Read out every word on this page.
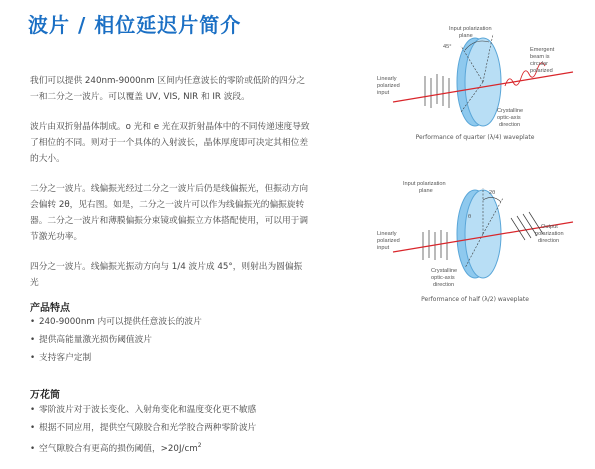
波片 / 相位延迟片简介

我们可以提供 240nm-9000nm 区间内任意波长的零阶或低阶的四分之一和二分之一波片。可以覆盖 UV, VIS, NIR 和 IR 波段。

波片由双折射晶体制成。o 光和 e 光在双折射晶体中的不同传递速度导致了相位的不同。则对于一个具体的入射波长，晶体厚度即可决定其相位差的大小。

二分之一波片。线偏振光经过二分之一波片后仍是线偏振光，但振动方向会偏转 2θ，见右图。如是，二分之一波片可以作为线偏振光的偏振旋转器。二分之一波片和薄膜偏振分束镜或偏振立方体搭配使用，可以用于调节激光功率。

四分之一波片。线偏振光振动方向与 1/4 波片成 45°，则射出为圆偏振光

产品特点
• 240-9000nm 内可以提供任意波长的波片
• 提供高能量激光损伤阈值波片
• 支持客户定制
万花筒
• 零阶波片对于波长变化、入射角变化和温度变化更不敏感
• 根据不同应用，提供空气隙胶合和光学胶合两种零阶波片
• 空气隙胶合有更高的损伤阈值，$>20J/cm^2$
Input polarization
plane
45°	Emergent
beam is
circular
polarized
Linearly
polarized
input
Crystalline
optic-axis
direction
Performance of quarter (λ/4) waveplate
Input polarization
plane	2θ
Output
polarization
direction
Linearly
polarized
input
θ
Crystalline
optic-axis
direction
Performance of half (λ/2) waveplate
